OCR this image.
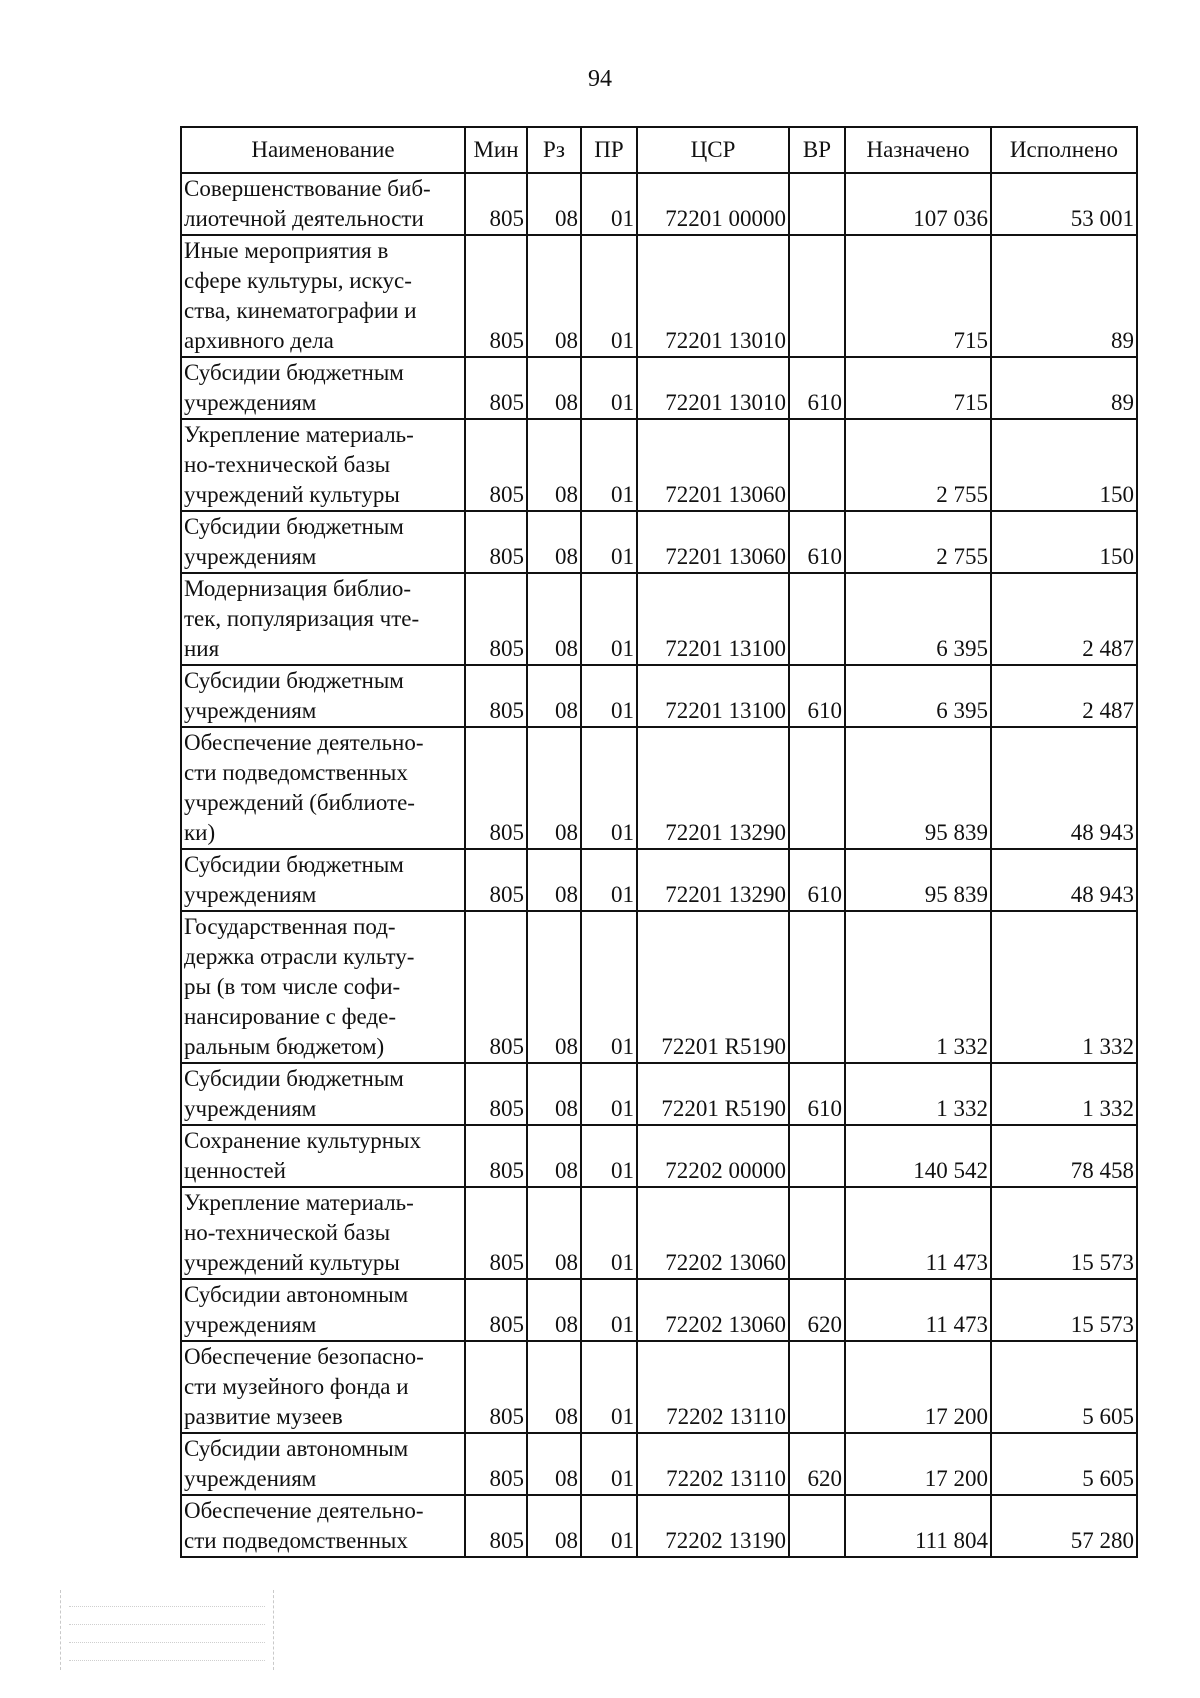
94
Наименование	Мин	Рз	ПР	ЦСР	ВР	Назначено	Исполнено
Совершенствование биб-
лиотечной деятельности	805	08	01	72201 00000		107 036	53 001
Иные мероприятия в
сфере культуры, искус-
ства, кинематографии и
архивного дела	805	08	01	72201 13010		715	89
Субсидии бюджетным
учреждениям	805	08	01	72201 13010	610	715	89
Укрепление материаль-
но-технической базы
учреждений культуры	805	08	01	72201 13060		2 755	150
Субсидии бюджетным
учреждениям	805	08	01	72201 13060	610	2 755	150
Модернизация библио-
тек, популяризация чте-
ния	805	08	01	72201 13100		6 395	2 487
Субсидии бюджетным
учреждениям	805	08	01	72201 13100	610	6 395	2 487
Обеспечение деятельно-
сти подведомственных
учреждений (библиоте-
ки)	805	08	01	72201 13290		95 839	48 943
Субсидии бюджетным
учреждениям	805	08	01	72201 13290	610	95 839	48 943
Государственная под-
держка отрасли культу-
ры (в том числе софи-
нансирование с феде-
ральным бюджетом)	805	08	01	72201 R5190		1 332	1 332
Субсидии бюджетным
учреждениям	805	08	01	72201 R5190	610	1 332	1 332
Сохранение культурных
ценностей	805	08	01	72202 00000		140 542	78 458
Укрепление материаль-
но-технической базы
учреждений культуры	805	08	01	72202 13060		11 473	15 573
Субсидии автономным
учреждениям	805	08	01	72202 13060	620	11 473	15 573
Обеспечение безопасно-
сти музейного фонда и
развитие музеев	805	08	01	72202 13110		17 200	5 605
Субсидии автономным
учреждениям	805	08	01	72202 13110	620	17 200	5 605
Обеспечение деятельно-
сти подведомственных	805	08	01	72202 13190		111 804	57 280
